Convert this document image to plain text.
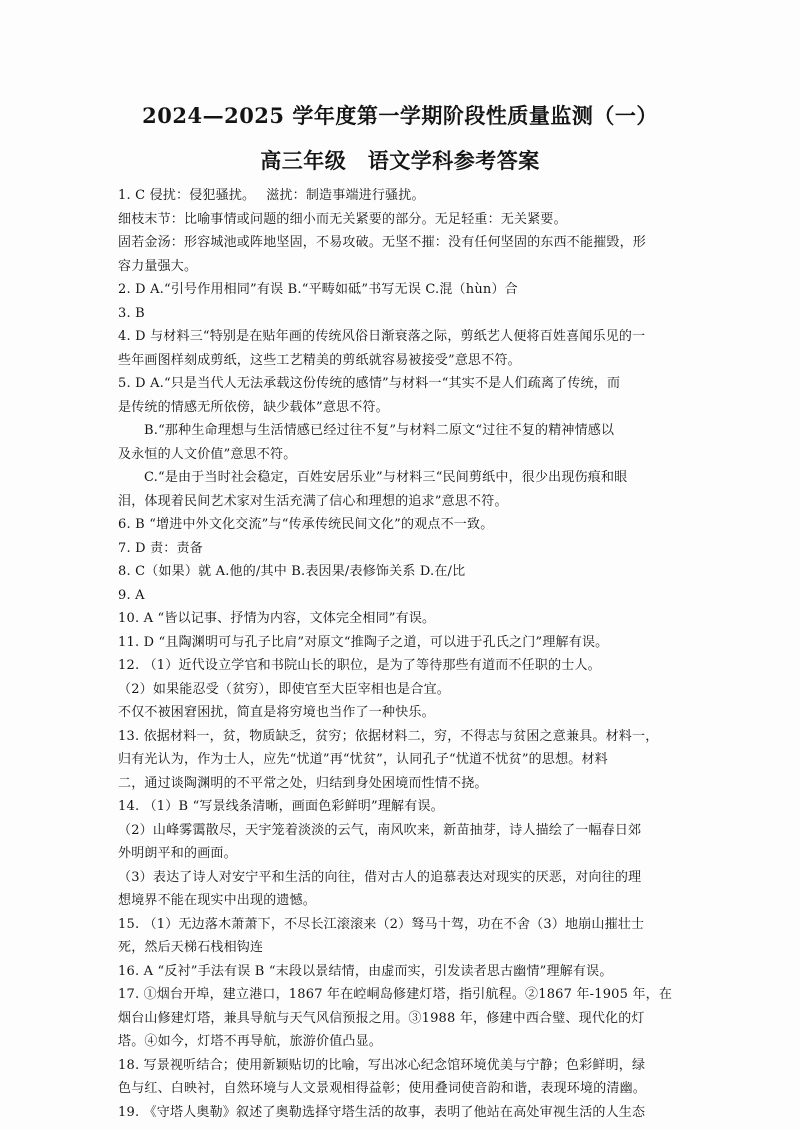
2024—2025 学年度第一学期阶段性质量监测（一）
高三年级　语文学科参考答案
1. C 侵扰：侵犯骚扰。　 滋扰：制造事端进行骚扰。
细枝末节：比喻事情或问题的细小而无关紧要的部分。无足轻重：无关紧要。
固若金汤：形容城池或阵地坚固，不易攻破。无坚不摧：没有任何坚固的东西不能摧毁，形
容力量强大。
2. D A.“引号作用相同”有误 B.“平畴如砥”书写无误 C.混（hùn）合
3. B
4. D 与材料三“特别是在贴年画的传统风俗日渐衰落之际，剪纸艺人便将百姓喜闻乐见的一
些年画图样刻成剪纸，这些工艺精美的剪纸就容易被接受”意思不符。
5. D A.“只是当代人无法承载这份传统的感情”与材料一“其实不是人们疏离了传统，而
是传统的情感无所依傍，缺少载体”意思不符。
B.“那种生命理想与生活情感已经过往不复”与材料二原文“过往不复的精神情感以
及永恒的人文价值”意思不符。
C.“是由于当时社会稳定，百姓安居乐业”与材料三“民间剪纸中，很少出现伤痕和眼
泪，体现着民间艺术家对生活充满了信心和理想的追求”意思不符。
6. B “增进中外文化交流”与“传承传统民间文化”的观点不一致。
7. D 责：责备
8. C（如果）就 A.他的/其中 B.表因果/表修饰关系 D.在/比
9. A
10. A “皆以记事、抒情为内容，文体完全相同”有误。
11. D “且陶渊明可与孔子比肩”对原文“推陶子之道，可以进于孔氏之门”理解有误。
12. （1）近代设立学官和书院山长的职位，是为了等待那些有道而不任职的士人。
（2）如果能忍受（贫穷），即使官至大臣宰相也是合宜。
不仅不被困窘困扰，简直是将穷境也当作了一种快乐。
13. 依据材料一，贫，物质缺乏，贫穷；依据材料二，穷，不得志与贫困之意兼具。材料一，
归有光认为，作为士人，应先“忧道”再“忧贫”，认同孔子“忧道不忧贫”的思想。材料
二，通过谈陶渊明的不平常之处，归结到身处困境而性情不挠。
14. （1）B “写景线条清晰，画面色彩鲜明”理解有误。
（2）山峰雾霭散尽，天宇笼着淡淡的云气，南风吹来，新苗抽芽，诗人描绘了一幅春日郊
外明朗平和的画面。
（3）表达了诗人对安宁平和生活的向往，借对古人的追慕表达对现实的厌恶，对向往的理
想境界不能在现实中出现的遗憾。
15. （1）无边落木萧萧下，不尽长江滚滚来（2）驽马十驾，功在不舍（3）地崩山摧壮士
死，然后天梯石栈相钩连
16. A “反衬”手法有误 B “末段以景结情，由虚而实，引发读者思古幽情”理解有误。
17. ①烟台开埠，建立港口，1867 年在崆峒岛修建灯塔，指引航程。②1867 年-1905 年，在
烟台山修建灯塔，兼具导航与天气风信预报之用。③1988 年，修建中西合璧、现代化的灯
塔。④如今，灯塔不再导航，旅游价值凸显。
18. 写景视听结合；使用新颖贴切的比喻，写出冰心纪念馆环境优美与宁静；色彩鲜明，绿
色与红、白映衬，自然环境与人文景观相得益彰；使用叠词使音韵和谐，表现环境的清幽。
19. 《守塔人奥勒》叙述了奥勒选择守塔生活的故事，表明了他站在高处审视生活的人生态
